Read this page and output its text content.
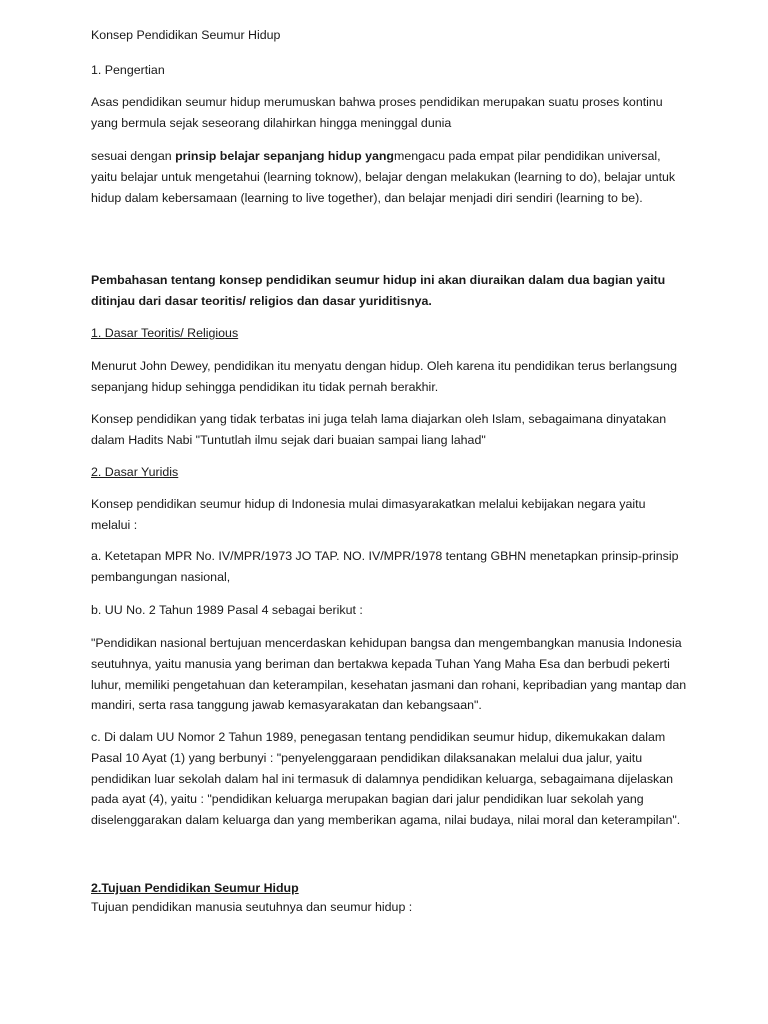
Konsep Pendidikan Seumur Hidup

1. Pengertian

Asas pendidikan seumur hidup merumuskan bahwa proses pendidikan merupakan suatu proses kontinu yang bermula sejak seseorang dilahirkan hingga meninggal dunia

sesuai dengan prinsip belajar sepanjang hidup yangmengacu pada empat pilar pendidikan universal, yaitu belajar untuk mengetahui (learning toknow), belajar dengan melakukan (learning to do), belajar untuk hidup dalam kebersamaan (learning to live together), dan belajar menjadi diri sendiri (learning to be).

Pembahasan tentang konsep pendidikan seumur hidup ini akan diuraikan dalam dua bagian yaitu ditinjau dari dasar teoritis/ religios dan dasar yuriditisnya.

1. Dasar Teoritis/ Religious

Menurut John Dewey, pendidikan itu menyatu dengan hidup. Oleh karena itu pendidikan terus berlangsung sepanjang hidup sehingga pendidikan itu tidak pernah berakhir.

Konsep pendidikan yang tidak terbatas ini juga telah lama diajarkan oleh Islam, sebagaimana dinyatakan dalam Hadits Nabi "Tuntutlah ilmu sejak dari buaian sampai liang lahad"

2. Dasar Yuridis

Konsep pendidikan seumur hidup di Indonesia mulai dimasyarakatkan melalui kebijakan negara yaitu melalui :

a. Ketetapan MPR No. IV/MPR/1973 JO TAP. NO. IV/MPR/1978 tentang GBHN menetapkan prinsip-prinsip pembangungan nasional,

b. UU No. 2 Tahun 1989 Pasal 4 sebagai berikut :

"Pendidikan nasional bertujuan mencerdaskan kehidupan bangsa dan mengembangkan manusia Indonesia seutuhnya, yaitu manusia yang beriman dan bertakwa kepada Tuhan Yang Maha Esa dan berbudi pekerti luhur, memiliki pengetahuan dan keterampilan, kesehatan jasmani dan rohani, kepribadian yang mantap dan mandiri, serta rasa tanggung jawab kemasyarakatan dan kebangsaan".

c. Di dalam UU Nomor 2 Tahun 1989, penegasan tentang pendidikan seumur hidup, dikemukakan dalam Pasal 10 Ayat (1) yang berbunyi : "penyelenggaraan pendidikan dilaksanakan melalui dua jalur, yaitu pendidikan luar sekolah dalam hal ini termasuk di dalamnya pendidikan keluarga, sebagaimana dijelaskan pada ayat (4), yaitu : "pendidikan keluarga merupakan bagian dari jalur pendidikan luar sekolah yang diselenggarakan dalam keluarga dan yang memberikan agama, nilai budaya, nilai moral dan keterampilan".

2.Tujuan Pendidikan Seumur Hidup

Tujuan pendidikan manusia seutuhnya dan seumur hidup :
